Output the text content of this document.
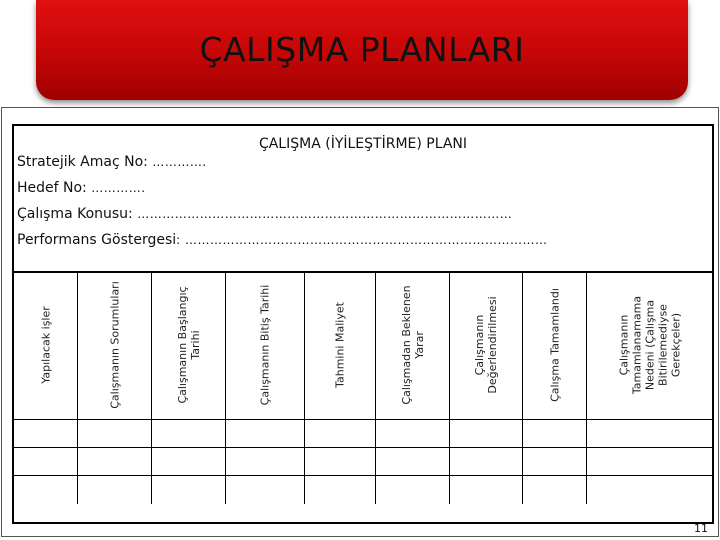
ÇALIŞMA PLANLARI
ÇALIŞMA (İYİLEŞTİRME) PLANI
Stratejik Amaç No: ………….
Hedef No: ………….
Çalışma Konusu: ………………………………………………………………………………
Performans Göstergesi: ……………………………………………………………………………
Yapılacak işler	Çalışmanın Sorumluları	Çalışmanın Başlangıç Tarihi	Çalışmanın Bitiş Tarihi	Tahmini Maliyet	Çalışmadan Beklenen Yarar	Çalışmanın Değerlendirilmesi	Çalışma Tamamlandı	Çalışmanın Tamamlanamama Nedeni (Çalışma Bitirilemediyse Gerekçeler)
11
